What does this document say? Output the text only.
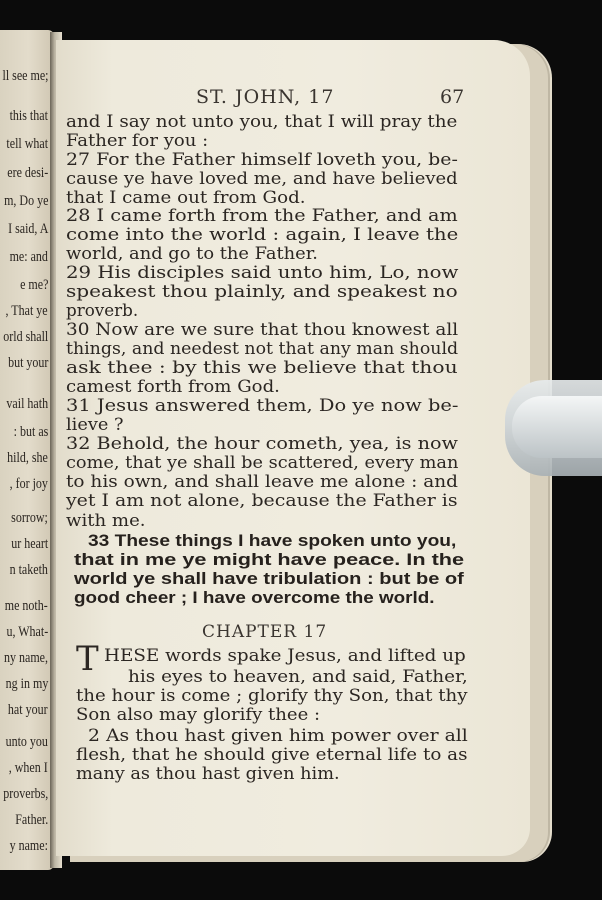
ll see me;
this that
tell what
ere desi-
m, Do ye
I said, A
me: and
e me?
, That ye
orld shall
but your
vail hath
: but as
hild, she
, for joy
sorrow;
ur heart
n taketh
me noth-
u, What-
ny name,
ng in my
hat your
unto you
, when I
proverbs,
Father.
y name:
ST. JOHN, 17	67
and I say not unto you, that I will pray the
Father for you :
27 For the Father himself loveth you, be-
cause ye have loved me, and have believed
that I came out from God.
28 I came forth from the Father, and am
come into the world : again, I leave the
world, and go to the Father.
29 His disciples said unto him, Lo, now
speakest thou plainly, and speakest no
proverb.
30 Now are we sure that thou knowest all
things, and needest not that any man should
ask thee : by this we believe that thou
camest forth from God.
31 Jesus answered them, Do ye now be-
lieve ?
32 Behold, the hour cometh, yea, is now
come, that ye shall be scattered, every man
to his own, and shall leave me alone : and
yet I am not alone, because the Father is
with me.
33 These things I have spoken unto you,
that in me ye might have peace. In the
world ye shall have tribulation : but be of
good cheer ; I have overcome the world.
HESE words spake Jesus, and lifted up
his eyes to heaven, and said, Father,
the hour is come ; glorify thy Son, that thy
Son also may glorify thee :
2 As thou hast given him power over all
flesh, that he should give eternal life to as
many as thou hast given him.
CHAPTER 17
T
